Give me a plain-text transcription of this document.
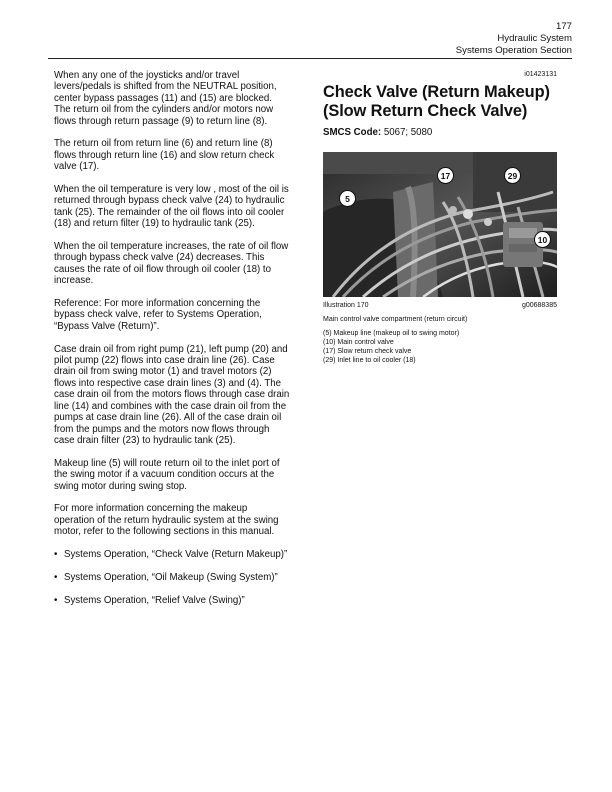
177
Hydraulic System
Systems Operation Section

When any one of the joysticks and/or travel levers/pedals is shifted from the NEUTRAL position, center bypass passages (11) and (15) are blocked. The return oil from the cylinders and/or motors now flows through return passage (9) to return line (8).

The return oil from return line (6) and return line (8) flows through return line (16) and slow return check valve (17).

When the oil temperature is very low , most of the oil is returned through bypass check valve (24) to hydraulic tank (25). The remainder of the oil flows into oil cooler (18) and return filter (19) to hydraulic tank (25).

When the oil temperature increases, the rate of oil flow through bypass check valve (24) decreases. This causes the rate of oil flow through oil cooler (18) to increase.

Reference: For more information concerning the bypass check valve, refer to Systems Operation, “Bypass Valve (Return)”.

Case drain oil from right pump (21), left pump (20) and pilot pump (22) flows into case drain line (26). Case drain oil from swing motor (1) and travel motors (2) flows into respective case drain lines (3) and (4). The case drain oil from the motors flows through case drain line (14) and combines with the case drain oil from the pumps at case drain line (26). All of the case drain oil from the pumps and the motors now flows through case drain filter (23) to hydraulic tank (25).

Makeup line (5) will route return oil to the inlet port of the swing motor if a vacuum condition occurs at the swing motor during swing stop.

For more information concerning the makeup operation of the return hydraulic system at the swing motor, refer to the following sections in this manual.

• Systems Operation, “Check Valve (Return Makeup)”
• Systems Operation, “Oil Makeup (Swing System)”
• Systems Operation, “Relief Valve (Swing)”
i01423131
Check Valve (Return Makeup) (Slow Return Check Valve)
SMCS Code: 5067; 5080
5
17	29
10
Illustration 170	g00688385
Main control valve compartment (return circuit)
(5) Makeup line (makeup oil to swing motor)
(10) Main control valve
(17) Slow return check valve
(29) Inlet line to oil cooler (18)
